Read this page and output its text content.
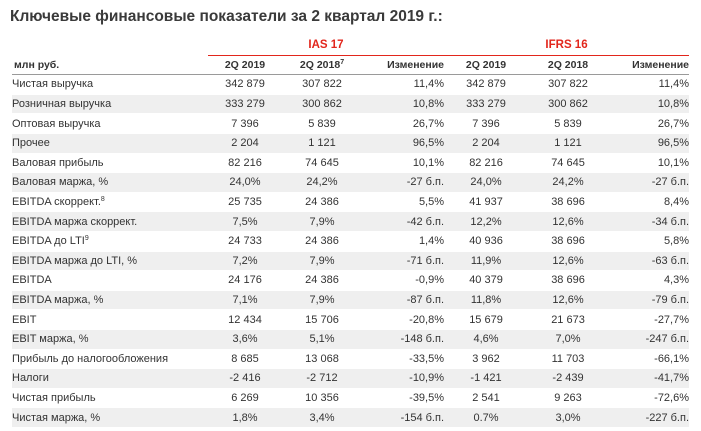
Ключевые финансовые показатели за 2 квартал 2019 г.:
	IAS 17			IFRS 16		
млн руб.	2Q 2019	2Q 2018$^7$	Изменение	2Q 2019	2Q 2018	Изменение
Чистая выручка	342 879	307 822	11,4%	342 879	307 822	11,4%
Розничная выручка	333 279	300 862	10,8%	333 279	300 862	10,8%
Оптовая выручка	7 396	5 839	26,7%	7 396	5 839	26,7%
Прочее	2 204	1 121	96,5%	2 204	1 121	96,5%
Валовая прибыль	82 216	74 645	10,1%	82 216	74 645	10,1%
Валовая маржа, %	24,0%	24,2%	-27 б.п.	24,0%	24,2%	-27 б.п.
EBITDA скоррект.$^8$	25 735	24 386	5,5%	41 937	38 696	8,4%
EBITDA маржа скоррект.	7,5%	7,9%	-42 б.п.	12,2%	12,6%	-34 б.п.
EBITDA до LTI$^9$	24 733	24 386	1,4%	40 936	38 696	5,8%
EBITDA маржа до LTI, %	7,2%	7,9%	-71 б.п.	11,9%	12,6%	-63 б.п.
EBITDA	24 176	24 386	-0,9%	40 379	38 696	4,3%
EBITDA маржа, %	7,1%	7,9%	-87 б.п.	11,8%	12,6%	-79 б.п.
EBIT	12 434	15 706	-20,8%	15 679	21 673	-27,7%
EBIT маржа, %	3,6%	5,1%	-148 б.п.	4,6%	7,0%	-247 б.п.
Прибыль до налогообложения	8 685	13 068	-33,5%	3 962	11 703	-66,1%
Налоги	-2 416	-2 712	-10,9%	-1 421	-2 439	-41,7%
Чистая прибыль	6 269	10 356	-39,5%	2 541	9 263	-72,6%
Чистая маржа, %	1,8%	3,4%	-154 б.п.	0.7%	3,0%	-227 б.п.
